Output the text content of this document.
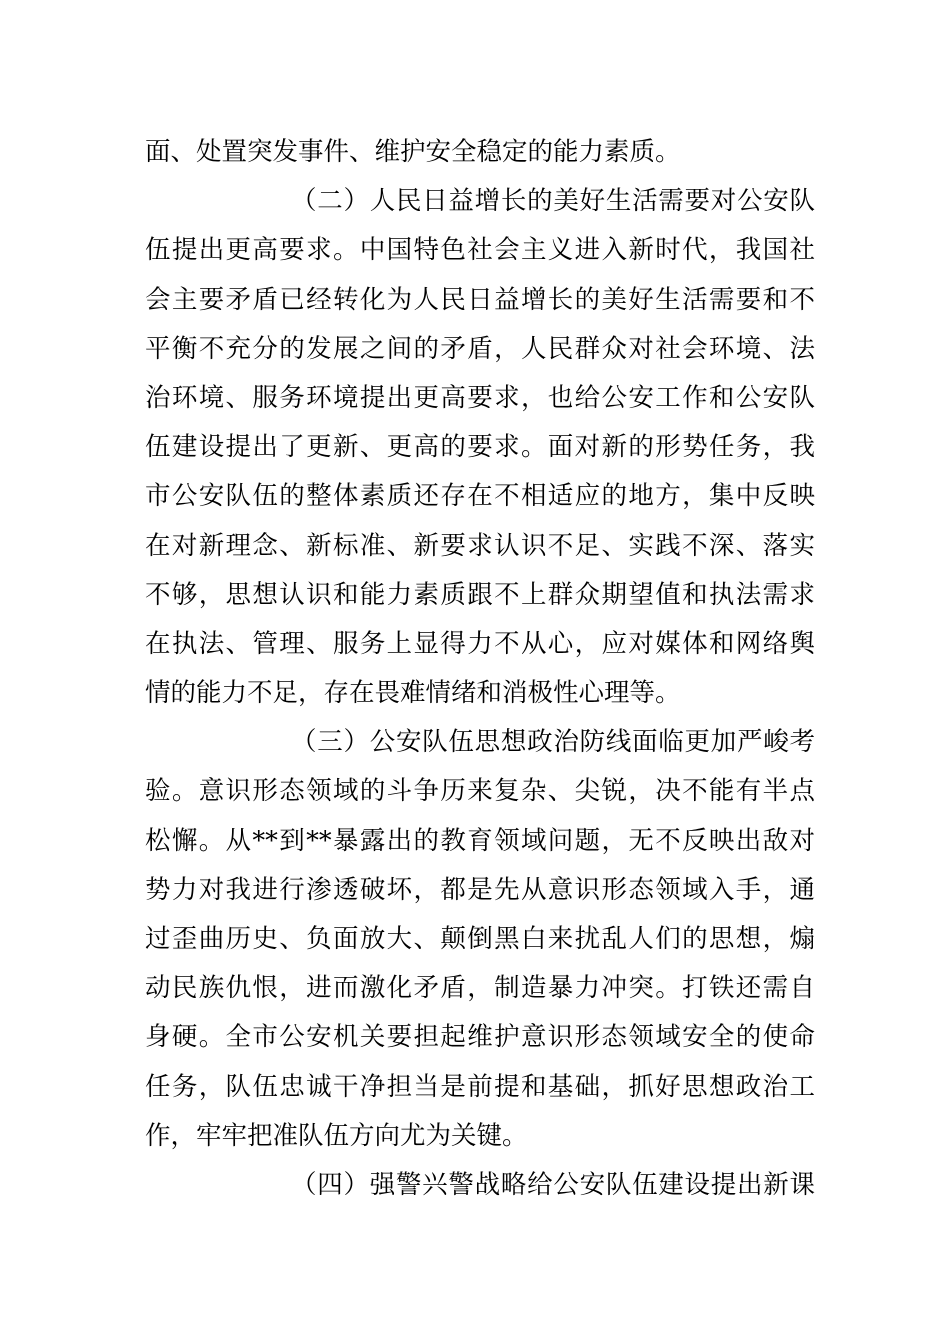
面、处置突发事件、维护安全稳定的能力素质。
（二）人民日益增长的美好生活需要对公安队
伍提出更高要求。中国特色社会主义进入新时代，我国社
会主要矛盾已经转化为人民日益增长的美好生活需要和不
平衡不充分的发展之间的矛盾，人民群众对社会环境、法
治环境、服务环境提出更高要求，也给公安工作和公安队
伍建设提出了更新、更高的要求。面对新的形势任务，我
市公安队伍的整体素质还存在不相适应的地方，集中反映
在对新理念、新标准、新要求认识不足、实践不深、落实
不够，思想认识和能力素质跟不上群众期望值和执法需求
在执法、管理、服务上显得力不从心，应对媒体和网络舆
情的能力不足，存在畏难情绪和消极性心理等。
（三）公安队伍思想政治防线面临更加严峻考
验。意识形态领域的斗争历来复杂、尖锐，决不能有半点
松懈。从**到**暴露出的教育领域问题，无不反映出敌对
势力对我进行渗透破坏，都是先从意识形态领域入手，通
过歪曲历史、负面放大、颠倒黑白来扰乱人们的思想，煽
动民族仇恨，进而激化矛盾，制造暴力冲突。打铁还需自
身硬。全市公安机关要担起维护意识形态领域安全的使命
任务，队伍忠诚干净担当是前提和基础，抓好思想政治工
作，牢牢把准队伍方向尤为关键。
（四）强警兴警战略给公安队伍建设提出新课
